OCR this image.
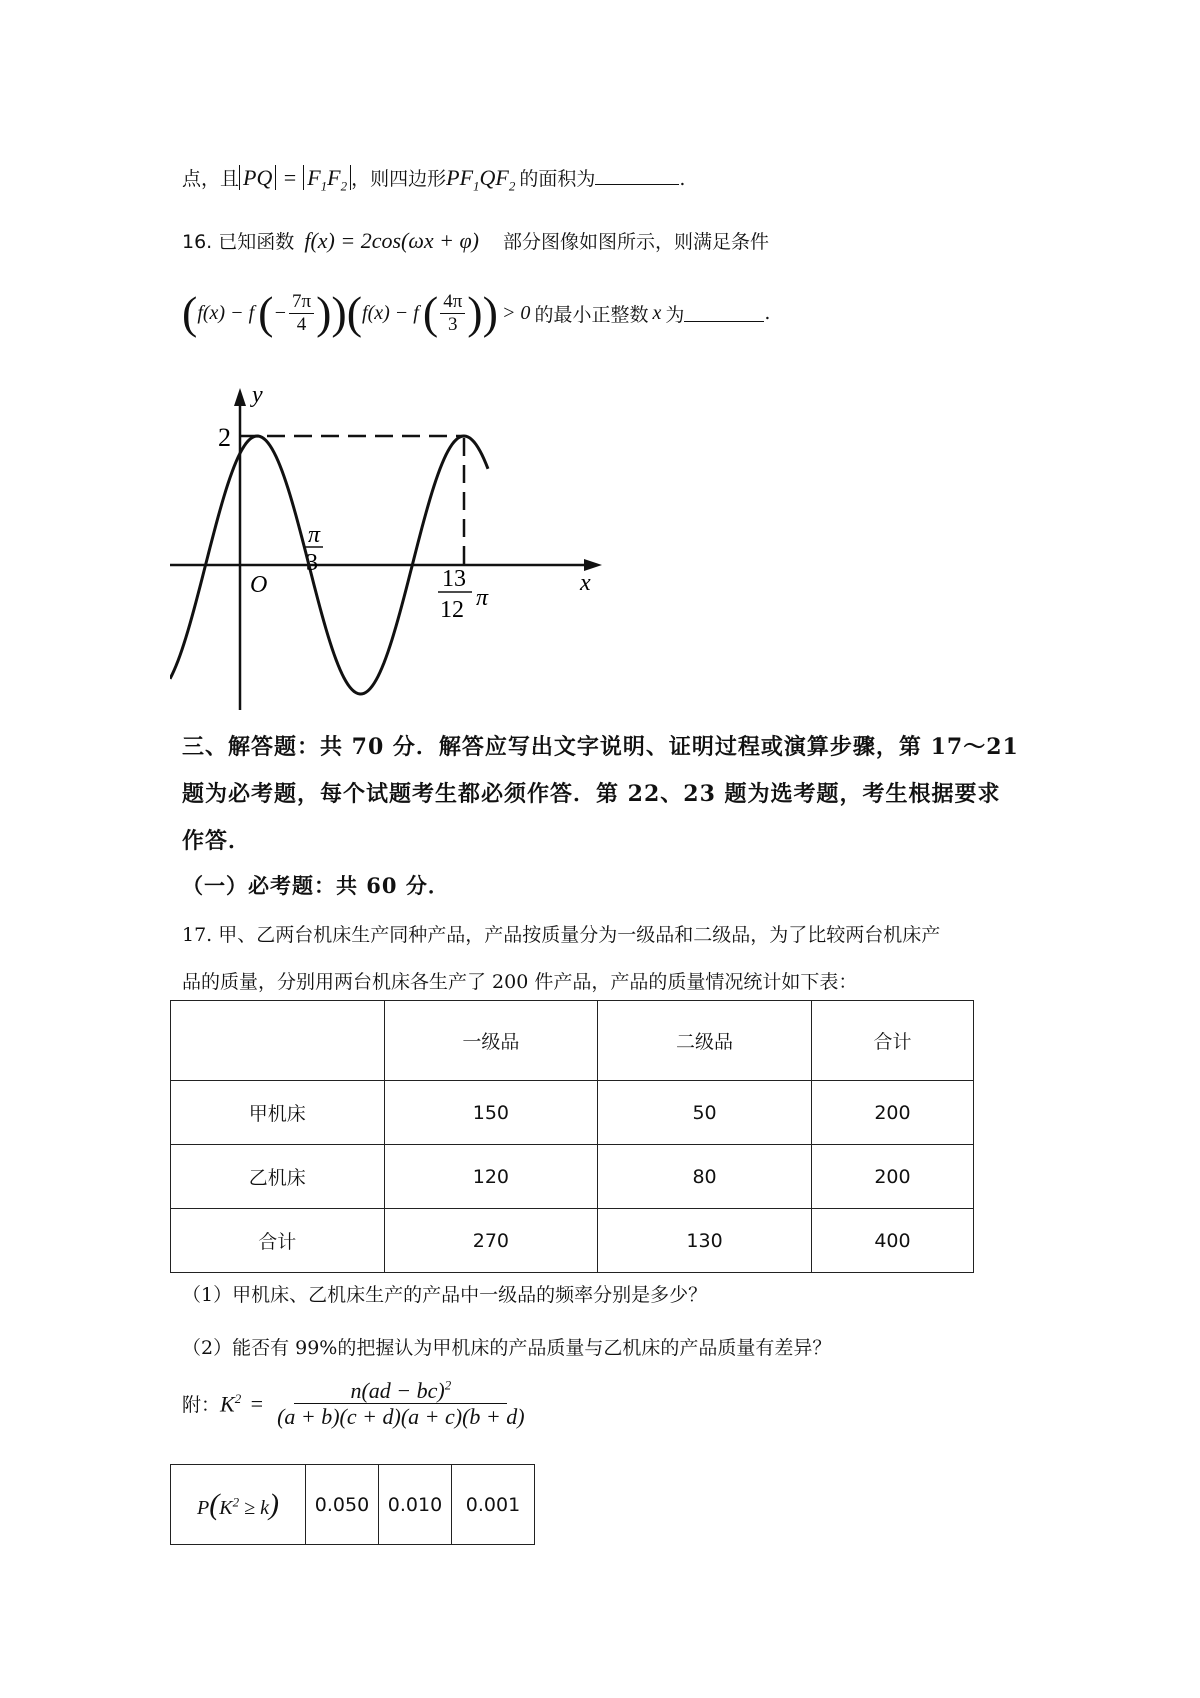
点，且 PQ = $F_1F_2$ ，则四边形$PF_1QF_2$ 的面积为	.
16. 已知函数 f(x) = 2cos(ωx + φ) 部分图像如图所示，则满足条件
( f(x) − f ( − $\frac{7\pi}{4}$ ) ) ( f(x) − f ( $\frac{4\pi}{3}$ ) ) > 0 的最小正整数 x 为	.
y
x
O
2
π
3
13
12 π
三、解答题：共 70 分．解答应写出文字说明、证明过程或演算步骤，第 17～21
题为必考题，每个试题考生都必须作答．第 22、23 题为选考题，考生根据要求
作答．
（一）必考题：共 60 分．
17. 甲、乙两台机床生产同种产品，产品按质量分为一级品和二级品，为了比较两台机床产
品的质量，分别用两台机床各生产了 200 件产品，产品的质量情况统计如下表：
	一级品	二级品	合计
甲机床	150	50	200
乙机床	120	80	200
合计	270	130	400
（1）甲机床、乙机床生产的产品中一级品的频率分别是多少？
（2）能否有 99%的把握认为甲机床的产品质量与乙机床的产品质量有差异？
附： $K^2 = \frac{n(ad - bc)^2}{(a + b)(c + d)(a + c)(b + d)}$
$P(K^2 \ge k)$	0.050	0.010	0.001
